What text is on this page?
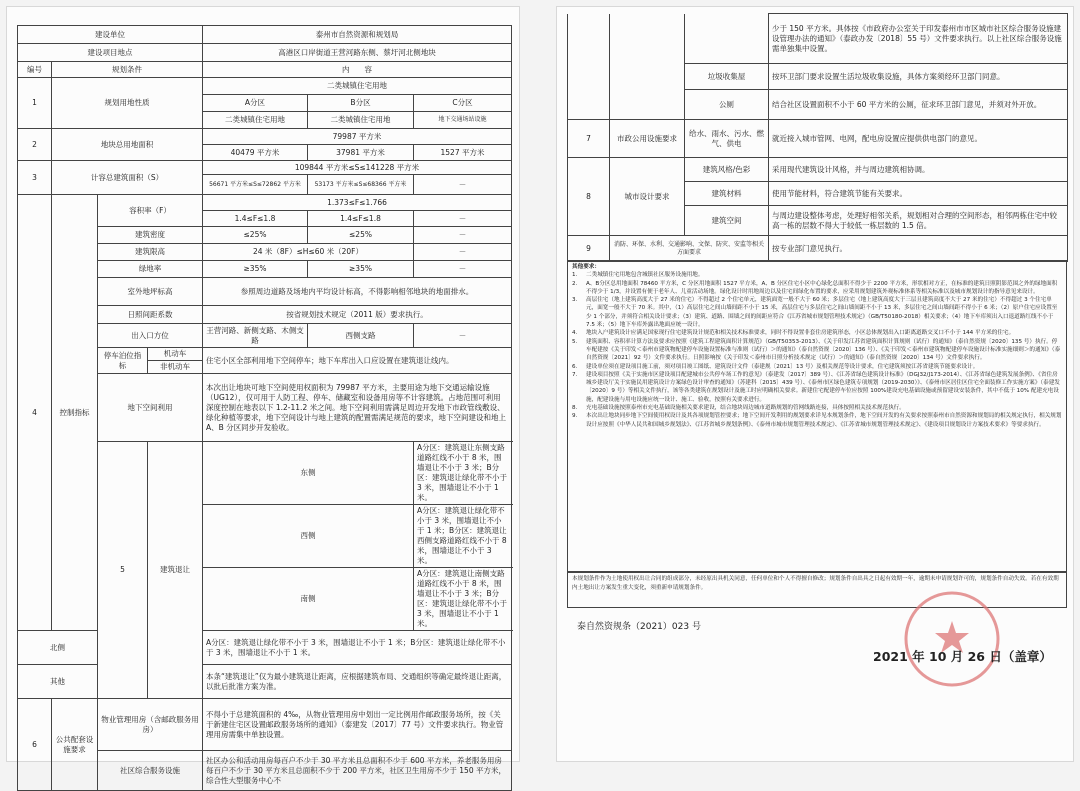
建设单位				泰州市自然资源和规划局		
建设项目地点				高港区口岸街道王营河路东侧、蔡圩河北侧地块		
编号	规划条件			内　　容		
1	规划用地性质			二类城镇住宅用地		
				A分区	B分区	C分区
				二类城镇住宅用地	二类城镇住宅用地	地下交通场站设施
2	地块总用地面积			79987 平方米		
				40479 平方米	37981 平方米	1527 平方米
3	计容总建筑面积（S）			109844 平方米≤S≤141228 平方米		
				56671 平方米≤S≤72862 平方米	53173 平方米≤S≤68366 平方米	－
4	控制指标	容积率（F）		1.373≤F≤1.766		
				1.4≤F≤1.8	1.4≤F≤1.8	－
		建筑密度		≤25%	≤25%	－
		建筑限高		24 米（8F）≤H≤60 米（20F）		－
		绿地率		≥35%	≥35%	－
		室外地坪标高		参照周边道路及场地内平均设计标高，不得影响相邻地块的地面排水。		
		日照间距系数		按省规划技术规定（2011 版）要求执行。		
		出入口方位		王营河路、新侧支路、木侧支路	西侧支路	－
		停车泊位指标	机动车	住宅小区全部利用地下空间停车；地下车库出入口应设置在建筑退让线内。		
			非机动车			
		地下空间利用		本次出让地块可地下空间使用权面积为 79987 平方米，主要用途为地下交通运输设施（UG12），仅可用于人防工程、停车、储藏室和设备用房等不计容建筑。占地范围可利用深度控制在地表以下 1.2-11.2 米之间。地下空间利用需满足周边开发地下市政管线敷设、绿化种植等要求，地下空间设计与地上建筑的配置需满足规范的要求，地下空间建设和地上 A、B 分区同步开发验收。		
		5	建筑退让	东侧		A分区：建筑退让东侧支路道路红线不小于 8 米，围墙退让不小于 3 米；B分区：建筑退让绿化带不小于 3 米，围墙退让不小于 1 米。
				西侧		A分区：建筑退让绿化带不小于 3 米，围墙退让不小于 1 米；B分区：建筑退让西侧支路道路红线不小于 8 米，围墙退让不小于 3 米。
				南侧		A分区：建筑退让南侧支路道路红线不小于 8 米，围墙退让不小于 3 米；B分区：建筑退让绿化带不小于 3 米，围墙退让不小于 1 米。
北侧				A分区：建筑退让绿化带不小于 3 米，围墙退让不小于 1 米；B分区：建筑退让绿化带不小于 3 米，围墙退让不小于 1 米。		
其他				本条“建筑退让”仅为最小建筑退让距离，应根据建筑布局、交通组织等确定最终退让距离，以批后批准方案为准。		
6	公共配套设施要求	物业管理用房（含邮政服务用房）		不得小于总建筑面积的 4‰，从物业管理用房中划出一定比例用作邮政服务场所，按《关于新建住宅区设置邮政服务场所的通知》（泰建发〔2017〕77 号）文件要求执行。物业管理用房需集中单独设置。		
		社区综合服务设施		社区办公和活动用房每百户不少于 30 平方米且总面积不少于 600 平方米，养老服务用房每百户不少于 30 平方米且总面积不少于 200 平方米，社区卫生用房不少于 150 平方米，综合性大型服务中心不		
			少于 150 平方米。具体按《市政府办公室关于印发泰州市市区城市社区综合服务设施建设管理办法的通知》（泰政办发〔2018〕55 号）文件要求执行。以上社区综合服务设施需单独集中设置。
		垃圾收集屋	按环卫部门要求设置生活垃圾收集设施，具体方案须经环卫部门同意。
		公厕	结合社区设置面积不小于 60 平方米的公厕，征求环卫部门意见，并须对外开放。
7	市政公用设施要求	给水、雨水、污水、燃气、供电	就近接入城市管网、电网，配电房设置应提供供电部门的意见。
8	城市设计要求	建筑风格/色彩	采用现代建筑设计风格，并与周边建筑相协调。
		建筑材料	使用节能材料，符合建筑节能有关要求。
		建筑空间	与周边建设整体考虑，处理好相邻关系，规划相对合理的空间形态，相邻两栋住宅中较高一栋的层数不得大于较低一栋层数的 1.5 倍。
9	消防、环保、水利、交通影响、文保、防灾、安监等相关方面要求		按专业部门意见执行。
其他要求：
1.	二类城镇住宅用地包含城镇社区服务设施用地。
2.	A、B分区总用地面积 78460 平方米，C 分区用地面积 1527 平方米，A、B 分区住宅小区中心绿化总面积不得少于 2200 平方米，形状相对方正，在标准的建筑日照阴影范围之外的绿地面积不得少于 1/3，并设置有便于老年人、儿童活动场地。绿化设计时用地周边以及住宅间绿化布置的要求，应采用规划建筑外观标准体系等相关标准以及城市规划设计的指导意见来设计。
3.	高层住宅（地上建筑高度大于 27 米的住宅）不得超过 2 个住宅单元，建筑面宽一般不大于 60 米；多层住宅（地上建筑高度大于三层且建筑高度不大于 27 米的住宅）不得超过 3 个住宅单元，面宽一般不大于 70 米。其中，（1）高层住宅之间山墙间距不小于 15 米，高层住宅与多层住宅之间山墙间距不小于 13 米，多层住宅之间山墙间距不得小于 6 米；（2）原户住宅应设置至少 1 个部分，并须符合相关设计要求；（3）建筑、道路、围墙之间的间距应符合《江苏省城市规划管理技术规定》（GB/T50180-2018）相关要求；（4）地下车库须出入口退道路红线不小于 7.5 米；（5）地下车库外露出地面应统一设计。
4.	地块入户建筑设计应满足国家现行住宅建筑设计规范和相关技术标准要求，同时不得设置非套住房建筑形态，小区总体规划出入口距离道路交叉口不小于 144 平方米的住宅。
5.	建筑面积、容积率计算方法及要求应按照《建筑工程建筑面积计算规范》（GB/T50353-2013）、《关于印发江苏省建筑面积计算规则（试行）的通知》（泰自然资规〔2020〕135 号）执行。停车配建按《关于印发＜泰州市建筑物配建停车设施设置标准与准则（试行）＞的通知》（泰自然资规〔2020〕136 号）、《关于印发＜泰州市建筑物配建停车设施设计标准实施细则＞的通知》（泰自然资规〔2021〕92 号）文件要求执行。日照影响按《关于印发＜泰州市日照分析技术规定（试行）＞的通知》（泰自然资规〔2020〕134 号）文件要求执行。
6.	建设单位须在建设项目施工前，须对项目竣工图纸、建筑设计文件（泰建规〔2021〕13 号）及相关规范等设计要求，住宅建筑须按江苏省建筑节能要求设计。
7.	建设项目按照《关于实施市区建设项目配建城市公共停车场工作的意见》（泰建发〔2017〕389 号）、《江苏省绿色建筑设计标准》（DGJ32/J173-2014）、《江苏省绿色建筑发展条例》、《省住房城乡建设厅关于实施民用建筑设计方案绿色设计审查的通知》（苏建科〔2015〕439 号）、《泰州市区绿色建筑专项规划（2019-2030）》、《泰州市区居住区住宅全面装修工作实施方案》（泰建发〔2020〕9 号）等相关文件执行，该等各类建筑在规划设计及施工时应明确相关要求。新建住宅配建停车位应按照 100%建设充电基础设施或预留建设安装条件，其中不低于 10% 配建充电设施，配建设施与用电设施应统一设计、施工、验收，按照有关要求进行。
8.	充电基础设施按照泰州市充电基础设施相关要求建设，结合地块周边城市道路规划的管网线路连接，具体按照相关技术规范执行。
9.	本次出让地块同步地下空间使用权设计及其各项规划管控要求；地下空间开发利用的规划要求详见本规划条件，地下空间开发的有关要求按照泰州市自然资源和规划局的相关规定执行，相关规划设计应按照《中华人民共和国城乡规划法》、《江苏省城乡规划条例》、《泰州市城市规划管理技术规定》、《江苏省城市规划管理技术规定》、《建设项目规划设计方案技术要求》等要求执行。
本规划条件作为土地使用权出让合同的组成部分，未经原出具机关同意，任何单位和个人不得擅自修改；规划条件自出具之日起有效期一年，逾期未申请规划许可的，规划条件自动失效。若在有效期内土地出让方案发生重大变化，须重新申请规划条件。
泰自然资规条（2021）023 号
2021 年 10 月 26 日（盖章）
